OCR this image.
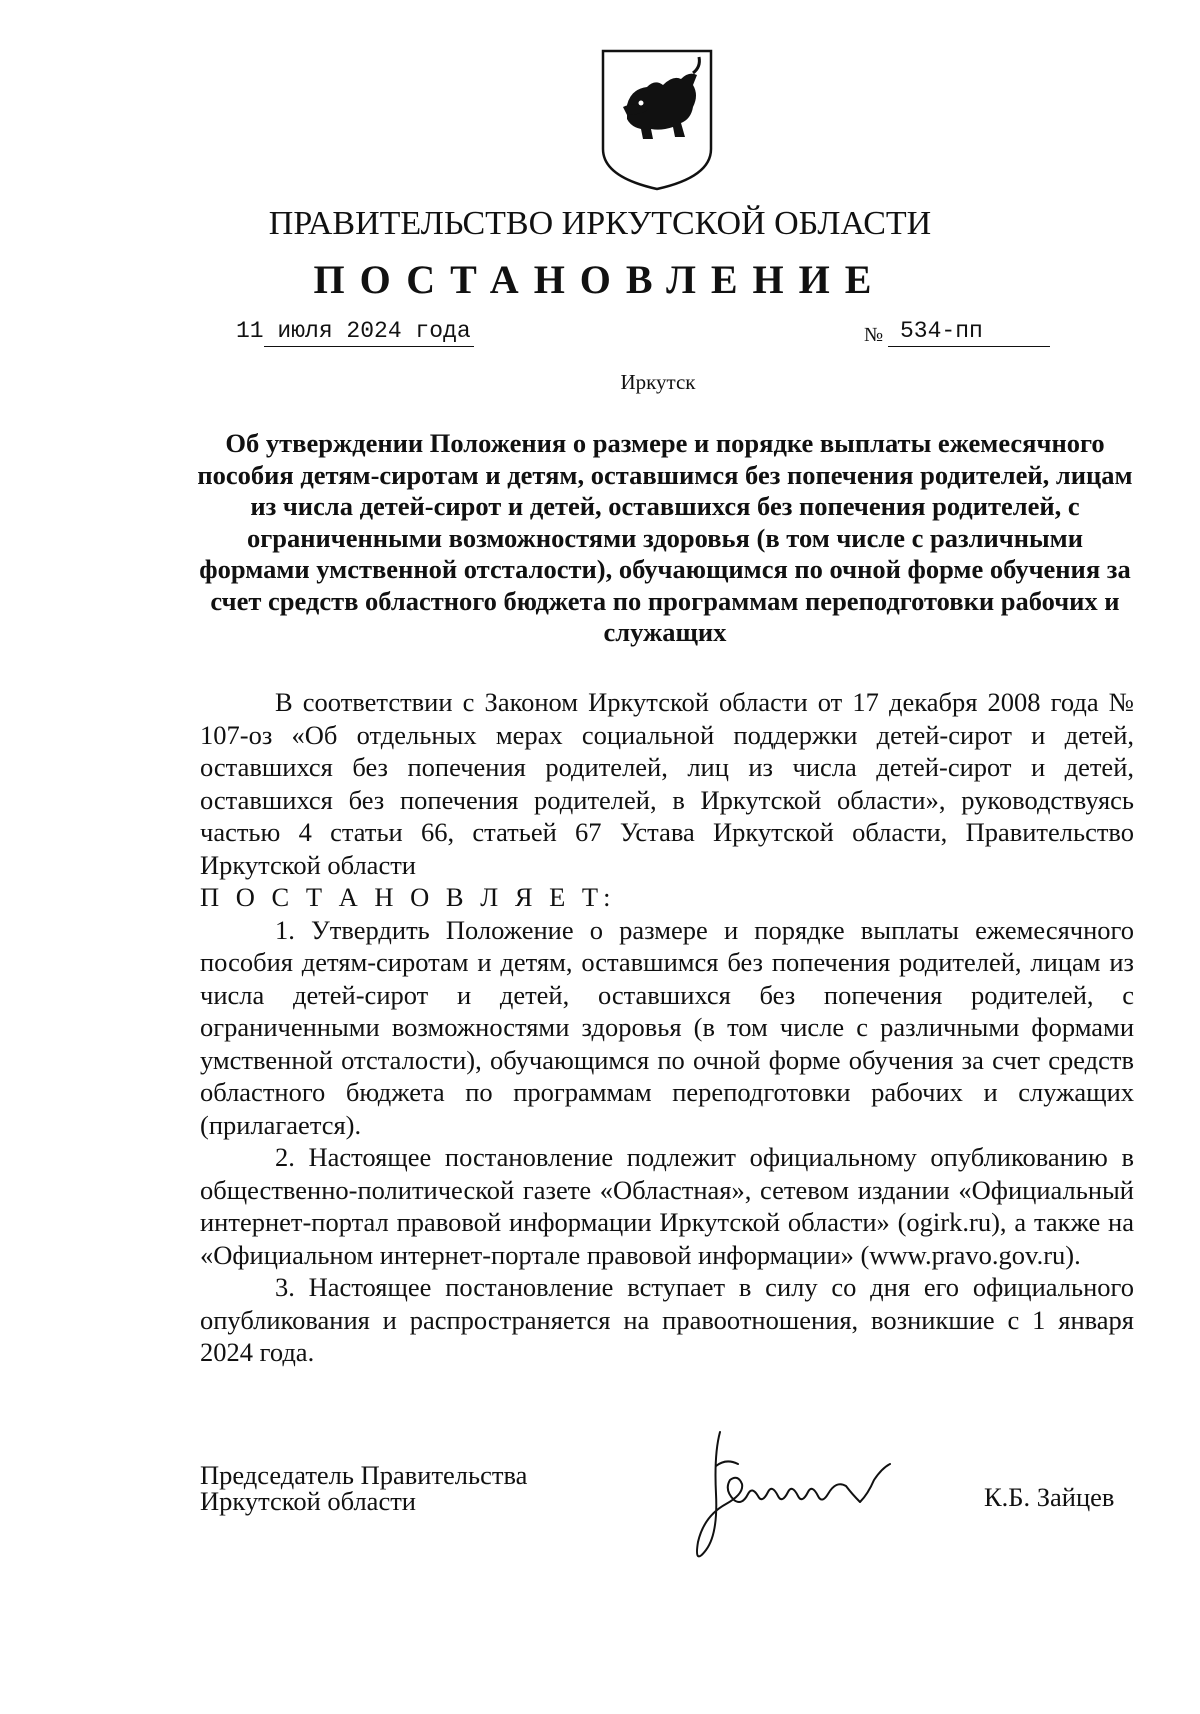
ПРАВИТЕЛЬСТВО ИРКУТСКОЙ ОБЛАСТИ
ПОСТАНОВЛЕНИЕ
11 июля 2024 года	№ 534-пп
Иркутск
Об утверждении Положения о размере и порядке выплаты ежемесячного пособия детям-сиротам и детям, оставшимся без попечения родителей, лицам из числа детей-сирот и детей, оставшихся без попечения родителей, с ограниченными возможностями здоровья (в том числе с различными формами умственной отсталости), обучающимся по очной форме обучения за счет средств областного бюджета по программам переподготовки рабочих и служащих

В соответствии с Законом Иркутской области от 17 декабря 2008 года № 107-оз «Об отдельных мерах социальной поддержки детей-сирот и детей, оставшихся без попечения родителей, лиц из числа детей-сирот и детей, оставшихся без попечения родителей, в Иркутской области», руководствуясь частью 4 статьи 66, статьей 67 Устава Иркутской области, Правительство Иркутской области

П О С Т А Н О В Л Я Е Т:

1. Утвердить Положение о размере и порядке выплаты ежемесячного пособия детям-сиротам и детям, оставшимся без попечения родителей, лицам из числа детей-сирот и детей, оставшихся без попечения родителей, с ограниченными возможностями здоровья (в том числе с различными формами умственной отсталости), обучающимся по очной форме обучения за счет средств областного бюджета по программам переподготовки рабочих и служащих (прилагается).

2. Настоящее постановление подлежит официальному опубликованию в общественно-политической газете «Областная», сетевом издании «Официальный интернет-портал правовой информации Иркутской области» (ogirk.ru), а также на «Официальном интернет-портале правовой информации» (www.pravo.gov.ru).

3. Настоящее постановление вступает в силу со дня его официального опубликования и распространяется на правоотношения, возникшие с 1 января 2024 года.

Председатель Правительства
Иркутской области	К.Б. Зайцев
